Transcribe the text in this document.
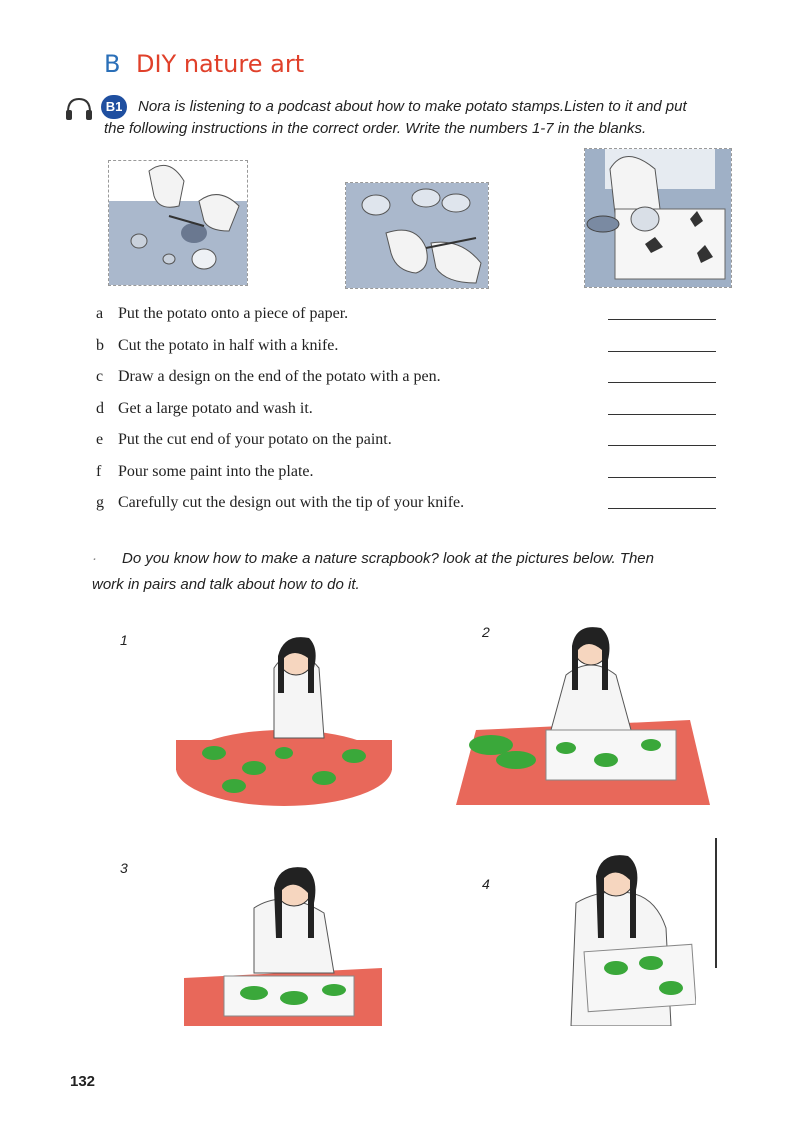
B DIY nature art
Nora is listening to a podcast about how to make potato stamps.Listen to it and put
the following instructions in the correct order. Write the numbers 1-7 in the blanks.
B1
a Put the potato onto a piece of paper.
b Cut the potato in half with a knife.
c Draw a design on the end of the potato with a pen.
d Get a large potato and wash it.
e Put the cut end of your potato on the paint.
f	Pour some paint into the plate.
g Carefully cut the design out with the tip of your knife.
· Do you know how to make a nature scrapbook? look at the pictures below. Then
work in pairs and talk about how to do it.
1	2
3
4
132
